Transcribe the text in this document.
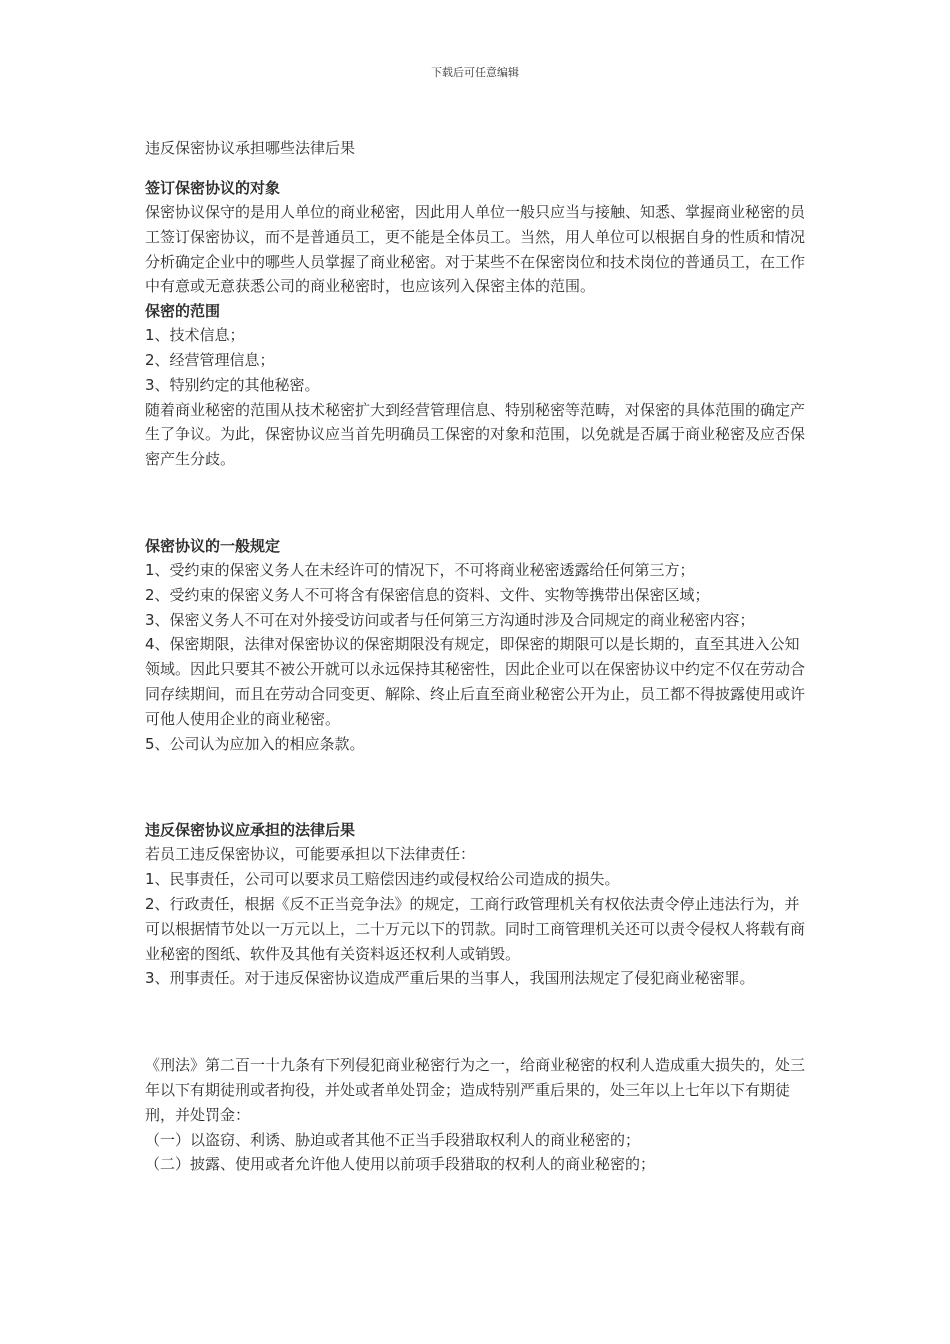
下载后可任意编辑

违反保密协议承担哪些法律后果

签订保密协议的对象

保密协议保守的是用人单位的商业秘密，因此用人单位一般只应当与接触、知悉、掌握商业秘密的员工签订保密协议，而不是普通员工，更不能是全体员工。当然，用人单位可以根据自身的性质和情况分析确定企业中的哪些人员掌握了商业秘密。对于某些不在保密岗位和技术岗位的普通员工，在工作中有意或无意获悉公司的商业秘密时，也应该列入保密主体的范围。

保密的范围

1、技术信息；

2、经营管理信息；

3、特别约定的其他秘密。

随着商业秘密的范围从技术秘密扩大到经营管理信息、特别秘密等范畴，对保密的具体范围的确定产生了争议。为此，保密协议应当首先明确员工保密的对象和范围，以免就是否属于商业秘密及应否保密产生分歧。

保密协议的一般规定

1、受约束的保密义务人在未经许可的情况下，不可将商业秘密透露给任何第三方；

2、受约束的保密义务人不可将含有保密信息的资料、文件、实物等携带出保密区域；

3、保密义务人不可在对外接受访问或者与任何第三方沟通时涉及合同规定的商业秘密内容；

4、保密期限，法律对保密协议的保密期限没有规定，即保密的期限可以是长期的，直至其进入公知领域。因此只要其不被公开就可以永远保持其秘密性，因此企业可以在保密协议中约定不仅在劳动合同存续期间，而且在劳动合同变更、解除、终止后直至商业秘密公开为止，员工都不得披露使用或许可他人使用企业的商业秘密。

5、公司认为应加入的相应条款。

违反保密协议应承担的法律后果

若员工违反保密协议，可能要承担以下法律责任：

1、民事责任，公司可以要求员工赔偿因违约或侵权给公司造成的损失。

2、行政责任，根据《反不正当竞争法》的规定，工商行政管理机关有权依法责令停止违法行为，并可以根据情节处以一万元以上，二十万元以下的罚款。同时工商管理机关还可以责令侵权人将载有商业秘密的图纸、软件及其他有关资料返还权利人或销毁。

3、刑事责任。对于违反保密协议造成严重后果的当事人，我国刑法规定了侵犯商业秘密罪。

《刑法》第二百一十九条有下列侵犯商业秘密行为之一，给商业秘密的权利人造成重大损失的，处三年以下有期徒刑或者拘役，并处或者单处罚金；造成特别严重后果的，处三年以上七年以下有期徒刑，并处罚金：

（一）以盗窃、利诱、胁迫或者其他不正当手段猎取权利人的商业秘密的；

（二）披露、使用或者允许他人使用以前项手段猎取的权利人的商业秘密的；
